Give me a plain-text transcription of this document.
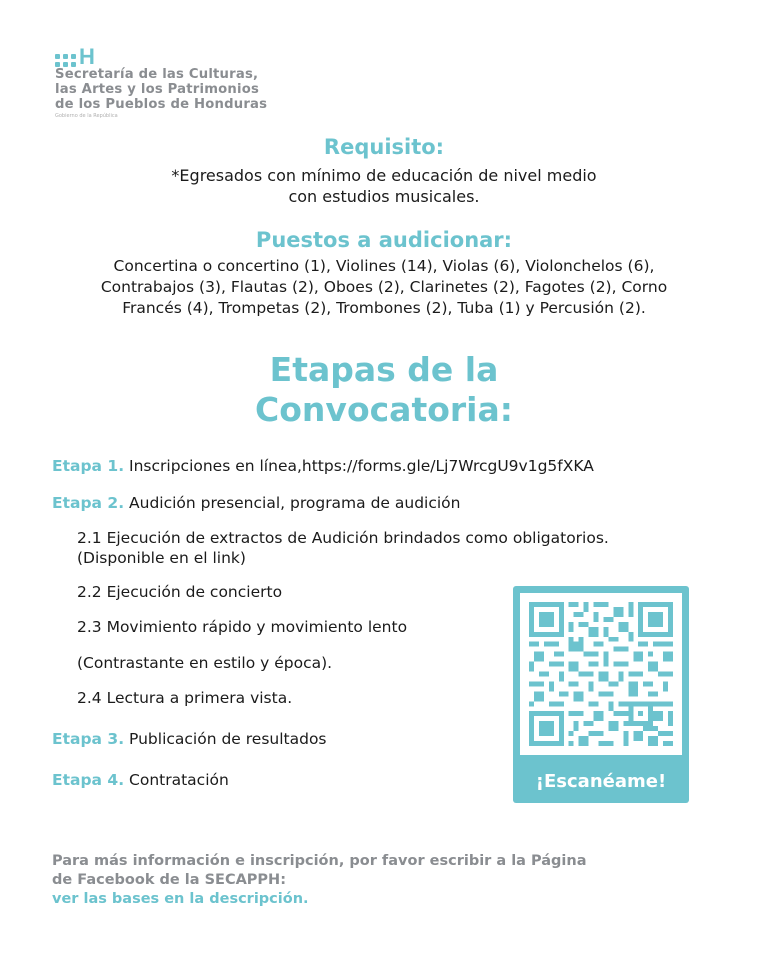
H
Secretaría de las Culturas,
las Artes y los Patrimonios
de los Pueblos de Honduras
Gobierno de la República
Requisito:
*Egresados con mínimo de educación de nivel medio
con estudios musicales.
Puestos a audicionar:
Concertina o concertino (1), Violines (14), Violas (6), Violonchelos (6),
Contrabajos (3), Flautas (2), Oboes (2), Clarinetes (2), Fagotes (2), Corno
Francés (4), Trompetas (2), Trombones (2), Tuba (1) y Percusión (2).
Etapas de la
Convocatoria:
Etapa 1. Inscripciones en línea,https://forms.gle/Lj7WrcgU9v1g5fXKA
Etapa 2. Audición presencial, programa de audición
2.1 Ejecución de extractos de Audición brindados como obligatorios.
(Disponible en el link)
2.2 Ejecución de concierto
2.3 Movimiento rápido y movimiento lento
(Contrastante en estilo y época).
2.4 Lectura a primera vista.
Etapa 3. Publicación de resultados
Etapa 4. Contratación	¡Escanéame!
Para más información e inscripción, por favor escribir a la Página
de Facebook de la SECAPPH:
ver las bases en la descripción.
